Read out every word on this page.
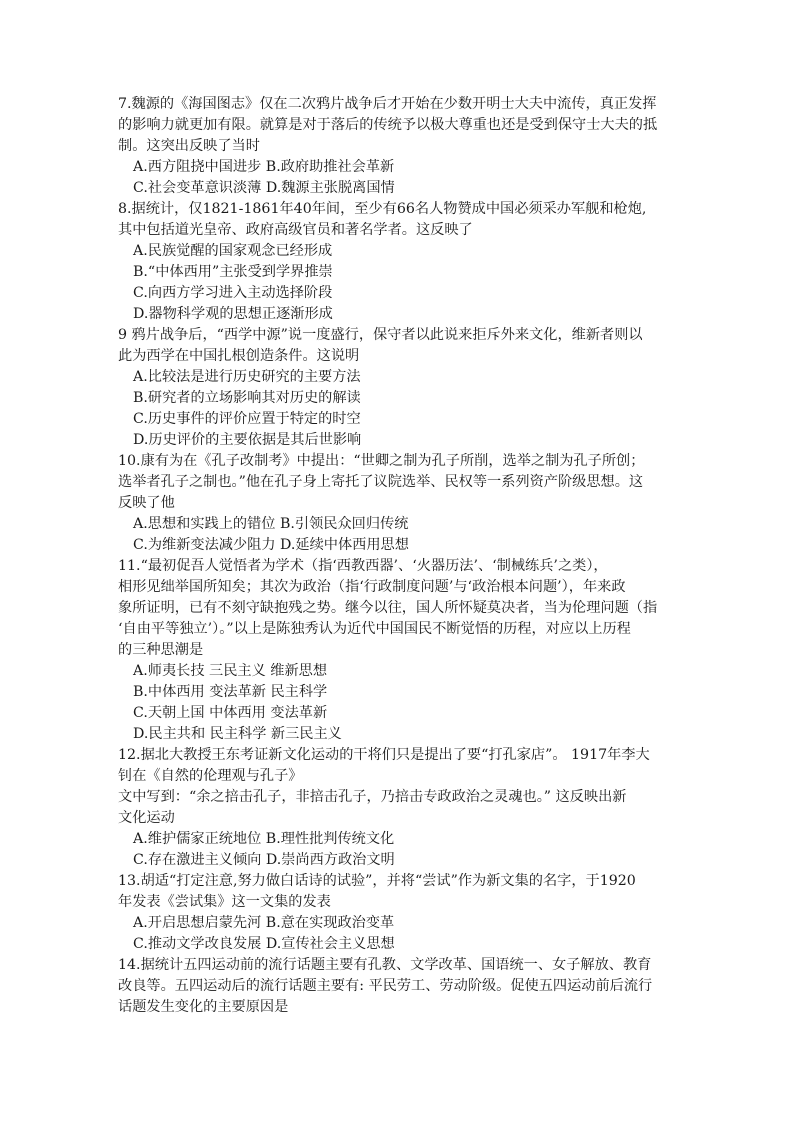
7.魏源的《海国图志》仅在二次鸦片战争后才开始在少数开明士大夫中流传，真正发挥
的影响力就更加有限。就算是对于落后的传统予以极大尊重也还是受到保守士大夫的抵
制。这突出反映了当时
A.西方阻挠中国进步 B.政府助推社会革新
C.社会变革意识淡薄 D.魏源主张脱离国情
8.据统计，仅1821-1861年40年间，至少有66名人物赞成中国必须采办军舰和枪炮,
其中包括道光皇帝、政府高级官员和著名学者。这反映了
A.民族觉醒的国家观念已经形成
B.“中体西用”主张受到学界推崇
C.向西方学习进入主动选择阶段
D.器物科学观的思想正逐渐形成
9 鸦片战争后，“西学中源”说一度盛行，保守者以此说来拒斥外来文化，维新者则以
此为西学在中国扎根创造条件。这说明
A.比较法是进行历史研究的主要方法
B.研究者的立场影响其对历史的解读
C.历史事件的评价应置于特定的时空
D.历史评价的主要依据是其后世影响
10.康有为在《孔子改制考》中提出：“世卿之制为孔子所削，选举之制为孔子所创；
选举者孔子之制也。”他在孔子身上寄托了议院选举、民权等一系列资产阶级思想。这
反映了他
A.思想和实践上的错位 B.引领民众回归传统
C.为维新变法减少阻力 D.延续中体西用思想
11.“最初促吾人觉悟者为学术（指‘西教西器’、‘火器历法’、‘制械练兵’之类），
相形见绌举国所知矣；其次为政治（指‘行政制度问题’与‘政治根本问题’），年来政
象所证明，已有不刻守缺抱残之势。继今以往，国人所怀疑莫决者，当为伦理问题（指
‘自由平等独立’）。”以上是陈独秀认为近代中国国民不断觉悟的历程，对应以上历程
的三种思潮是
A.师夷长技 三民主义 维新思想
B.中体西用 变法革新 民主科学
C.天朝上国 中体西用 变法革新
D.民主共和 民主科学 新三民主义
12.据北大教授王东考证新文化运动的干将们只是提出了要“打孔家店”。 1917年李大
钊在《自然的伦理观与孔子》
文中写到：“余之掊击孔子，非掊击孔子，乃掊击专政政治之灵魂也。” 这反映出新
文化运动
A.维护儒家正统地位 B.理性批判传统文化
C.存在激进主义倾向 D.崇尚西方政治文明
13.胡适“打定注意,努力做白话诗的试验”，并将“尝试”作为新文集的名字，于1920
年发表《尝试集》这一文集的发表
A.开启思想启蒙先河 B.意在实现政治变革
C.推动文学改良发展 D.宣传社会主义思想
14.据统计五四运动前的流行话题主要有孔教、文学改革、国语统一、女子解放、教育
改良等。五四运动后的流行话题主要有: 平民劳工、劳动阶级。促使五四运动前后流行
话题发生变化的主要原因是
